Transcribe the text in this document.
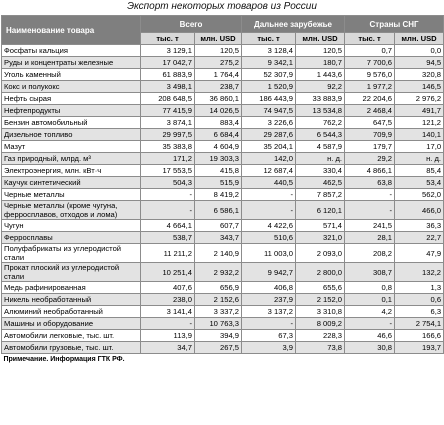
Экспорт некоторых товаров из России
Наименование товара	Всего		Дальнее зарубежье		Страны СНГ	
	тыс. т	млн. USD	тыс. т	млн. USD	тыс. т	млн. USD
Фосфаты кальция	3 129,1	120,5	3 128,4	120,5	0,7	0,0
Руды и концентраты железные	17 042,7	275,2	9 342,1	180,7	7 700,6	94,5
Уголь каменный	61 883,9	1 764,4	52 307,9	1 443,6	9 576,0	320,8
Кокс и полукокс	3 498,1	238,7	1 520,9	92,2	1 977,2	146,5
Нефть сырая	208 648,5	36 860,1	186 443,9	33 883,9	22 204,6	2 976,2
Нефтепродукты	77 415,9	14 026,5	74 947,5	13 534,8	2 468,4	491,7
Бензин автомобильный	3 874,1	883,4	3 226,6	762,2	647,5	121,2
Дизельное топливо	29 997,5	6 684,4	29 287,6	6 544,3	709,9	140,1
Мазут	35 383,8	4 604,9	35 204,1	4 587,9	179,7	17,0
Газ природный, млрд. м³	171,2	19 303,3	142,0	н. д.	29,2	н. д.
Электроэнергия, млн. кВт·ч	17 553,5	415,8	12 687,4	330,4	4 866,1	85,4
Каучук синтетический	504,3	515,9	440,5	462,5	63,8	53,4
Черные металлы	-	8 419,2	-	7 857,2	-	562,0
Черные металлы (кроме чугуна, ферросплавов, отходов и лома)	-	6 586,1	-	6 120,1	-	466,0
Чугун	4 664,1	607,7	4 422,6	571,4	241,5	36,3
Ферросплавы	538,7	343,7	510,6	321,0	28,1	22,7
Полуфабрикаты из углеродистой стали	11 211,2	2 140,9	11 003,0	2 093,0	208,2	47,9
Прокат плоский из углеродистой стали	10 251,4	2 932,2	9 942,7	2 800,0	308,7	132,2
Медь рафинированная	407,6	656,9	406,8	655,6	0,8	1,3
Никель необработанный	238,0	2 152,6	237,9	2 152,0	0,1	0,6
Алюминий необработанный	3 141,4	3 337,2	3 137,2	3 310,8	4,2	6,3
Машины и оборудование	-	10 763,3	-	8 009,2	-	2 754,1
Автомобили легковые, тыс. шт.	113,9	394,9	67,3	228,3	46,6	166,6
Автомобили грузовые, тыс. шт.	34,7	267,5	3,9	73,8	30,8	193,7
Примечание. Информация ГТК РФ.						
